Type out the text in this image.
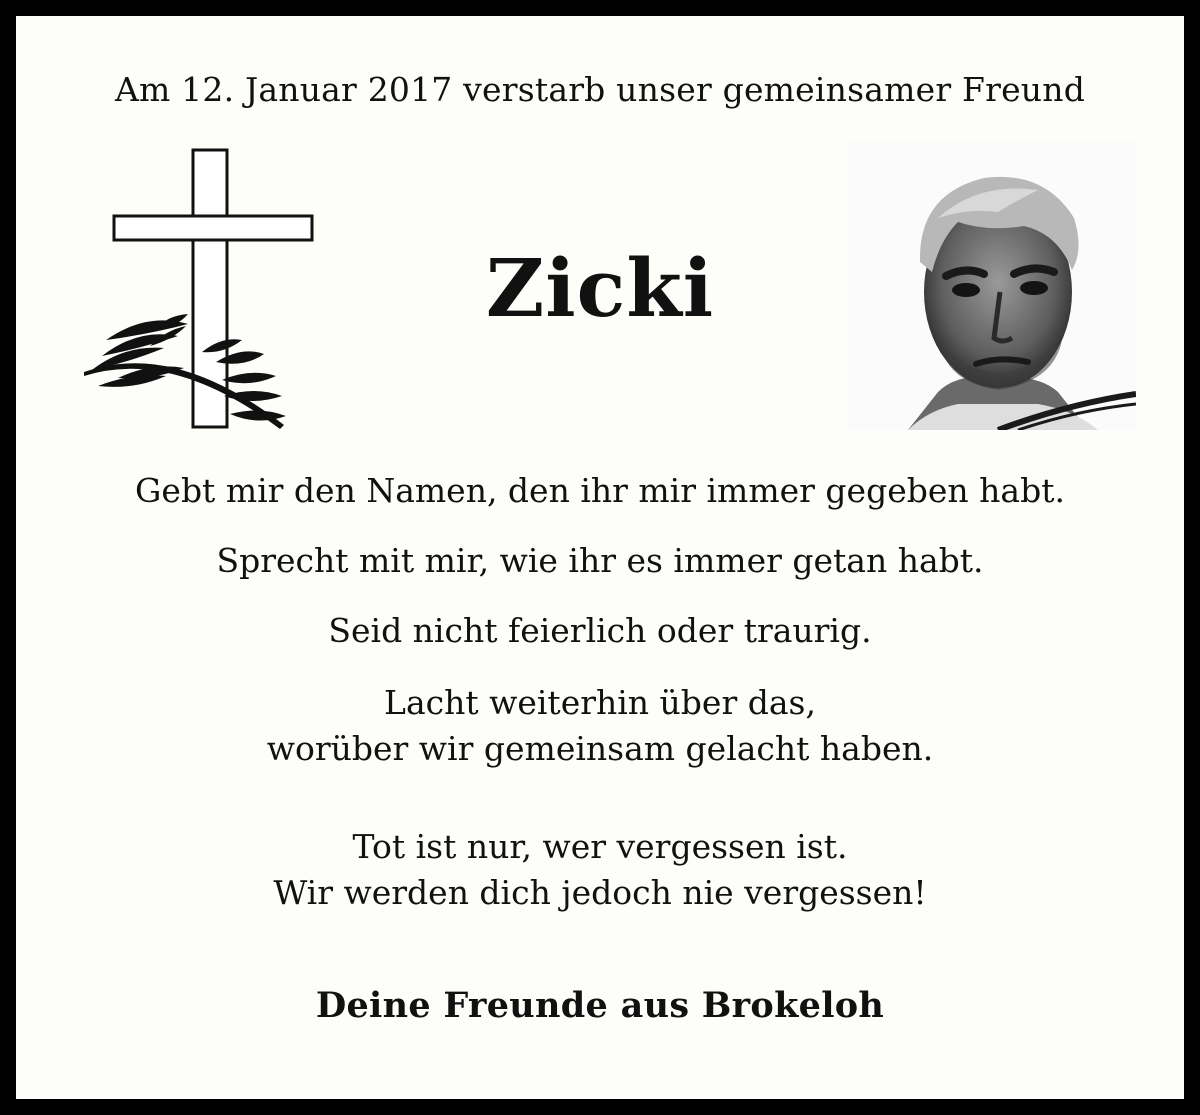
Am 12. Januar 2017 verstarb unser gemeinsamer Freund
Zicki
Gebt mir den Namen, den ihr mir immer gegeben habt.
Sprecht mit mir, wie ihr es immer getan habt.
Seid nicht feierlich oder traurig.
Lacht weiterhin über das,
worüber wir gemeinsam gelacht haben.
Tot ist nur, wer vergessen ist.
Wir werden dich jedoch nie vergessen!
Deine Freunde aus Brokeloh
